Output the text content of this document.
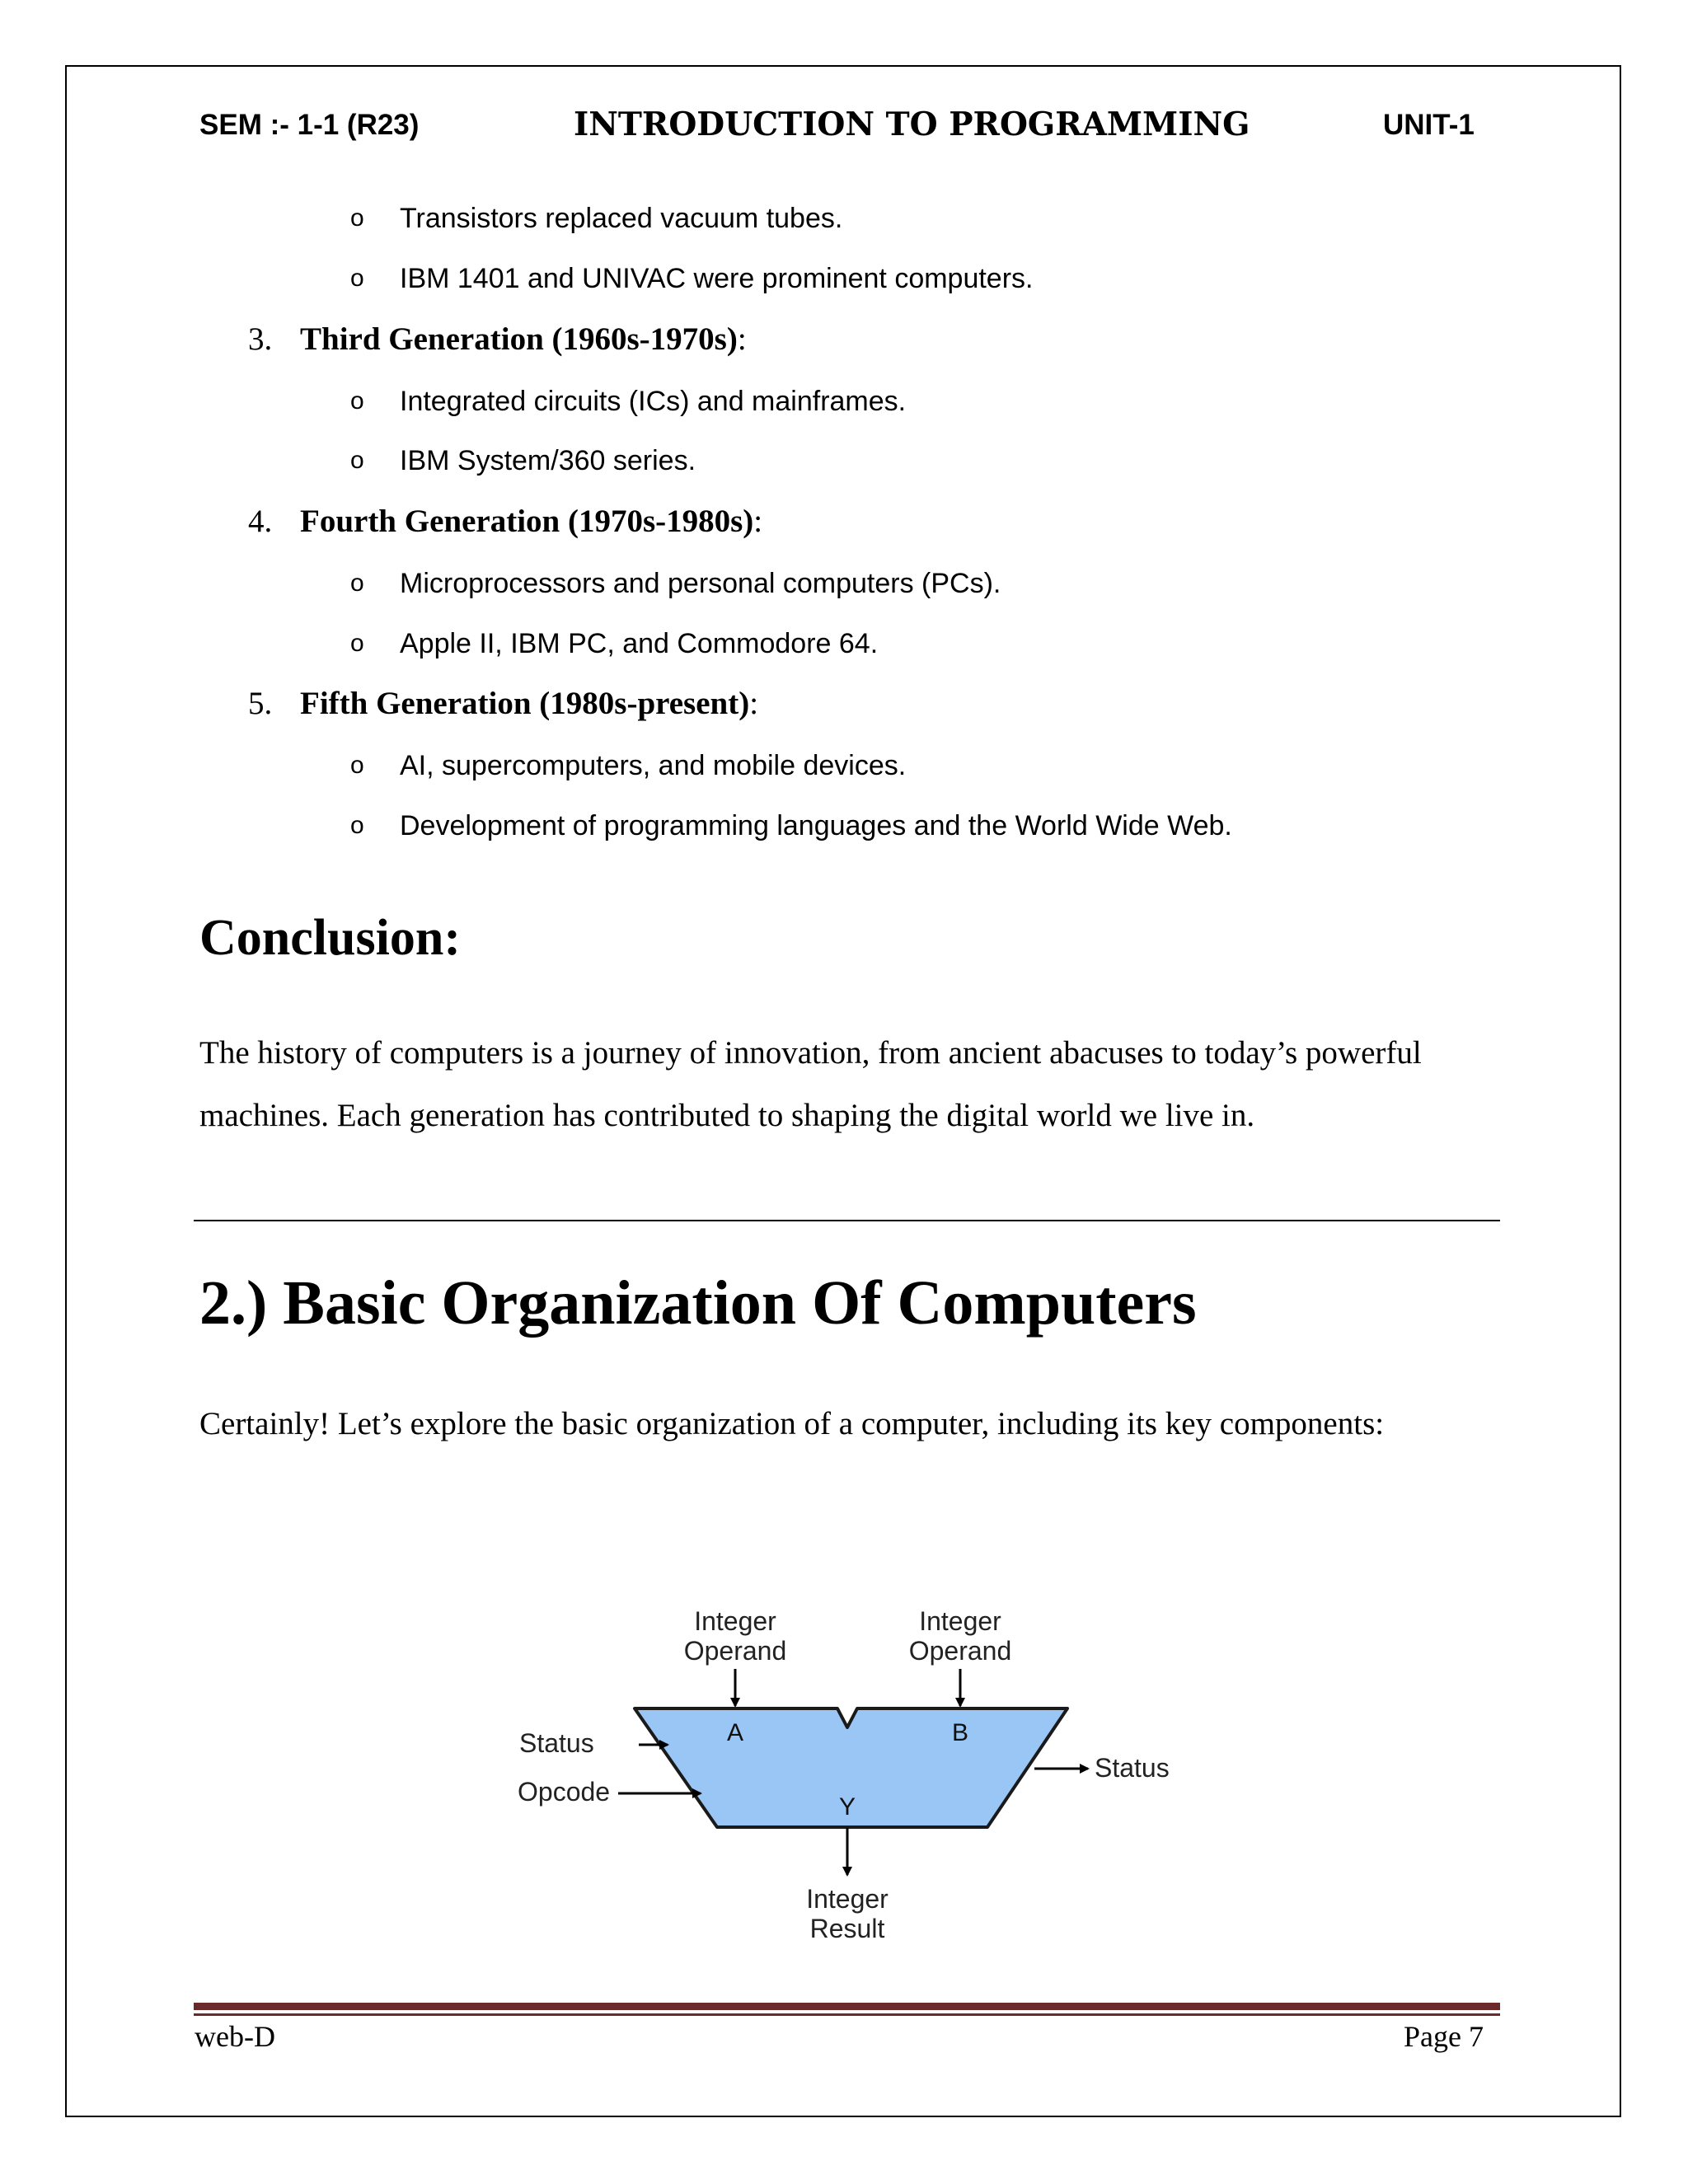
SEM :- 1-1 (R23)	INTRODUCTION TO PROGRAMMING	UNIT-1
o Transistors replaced vacuum tubes.
o IBM 1401 and UNIVAC were prominent computers.
3. Third Generation (1960s-1970s):
o Integrated circuits (ICs) and mainframes.
o IBM System/360 series.
4. Fourth Generation (1970s-1980s):
o Microprocessors and personal computers (PCs).
o Apple II, IBM PC, and Commodore 64.
5. Fifth Generation (1980s-present):
o AI, supercomputers, and mobile devices.
o Development of programming languages and the World Wide Web.
Conclusion:
The history of computers is a journey of innovation, from ancient abacuses to today’s powerful machines. Each generation has contributed to shaping the digital world we live in.
2.) Basic Organization Of Computers
Certainly! Let’s explore the basic organization of a computer, including its key components:
Integer
Operand
Integer
Operand
A	B
Y
Status
Opcode
Status
Integer
Result
web-D	Page 7
